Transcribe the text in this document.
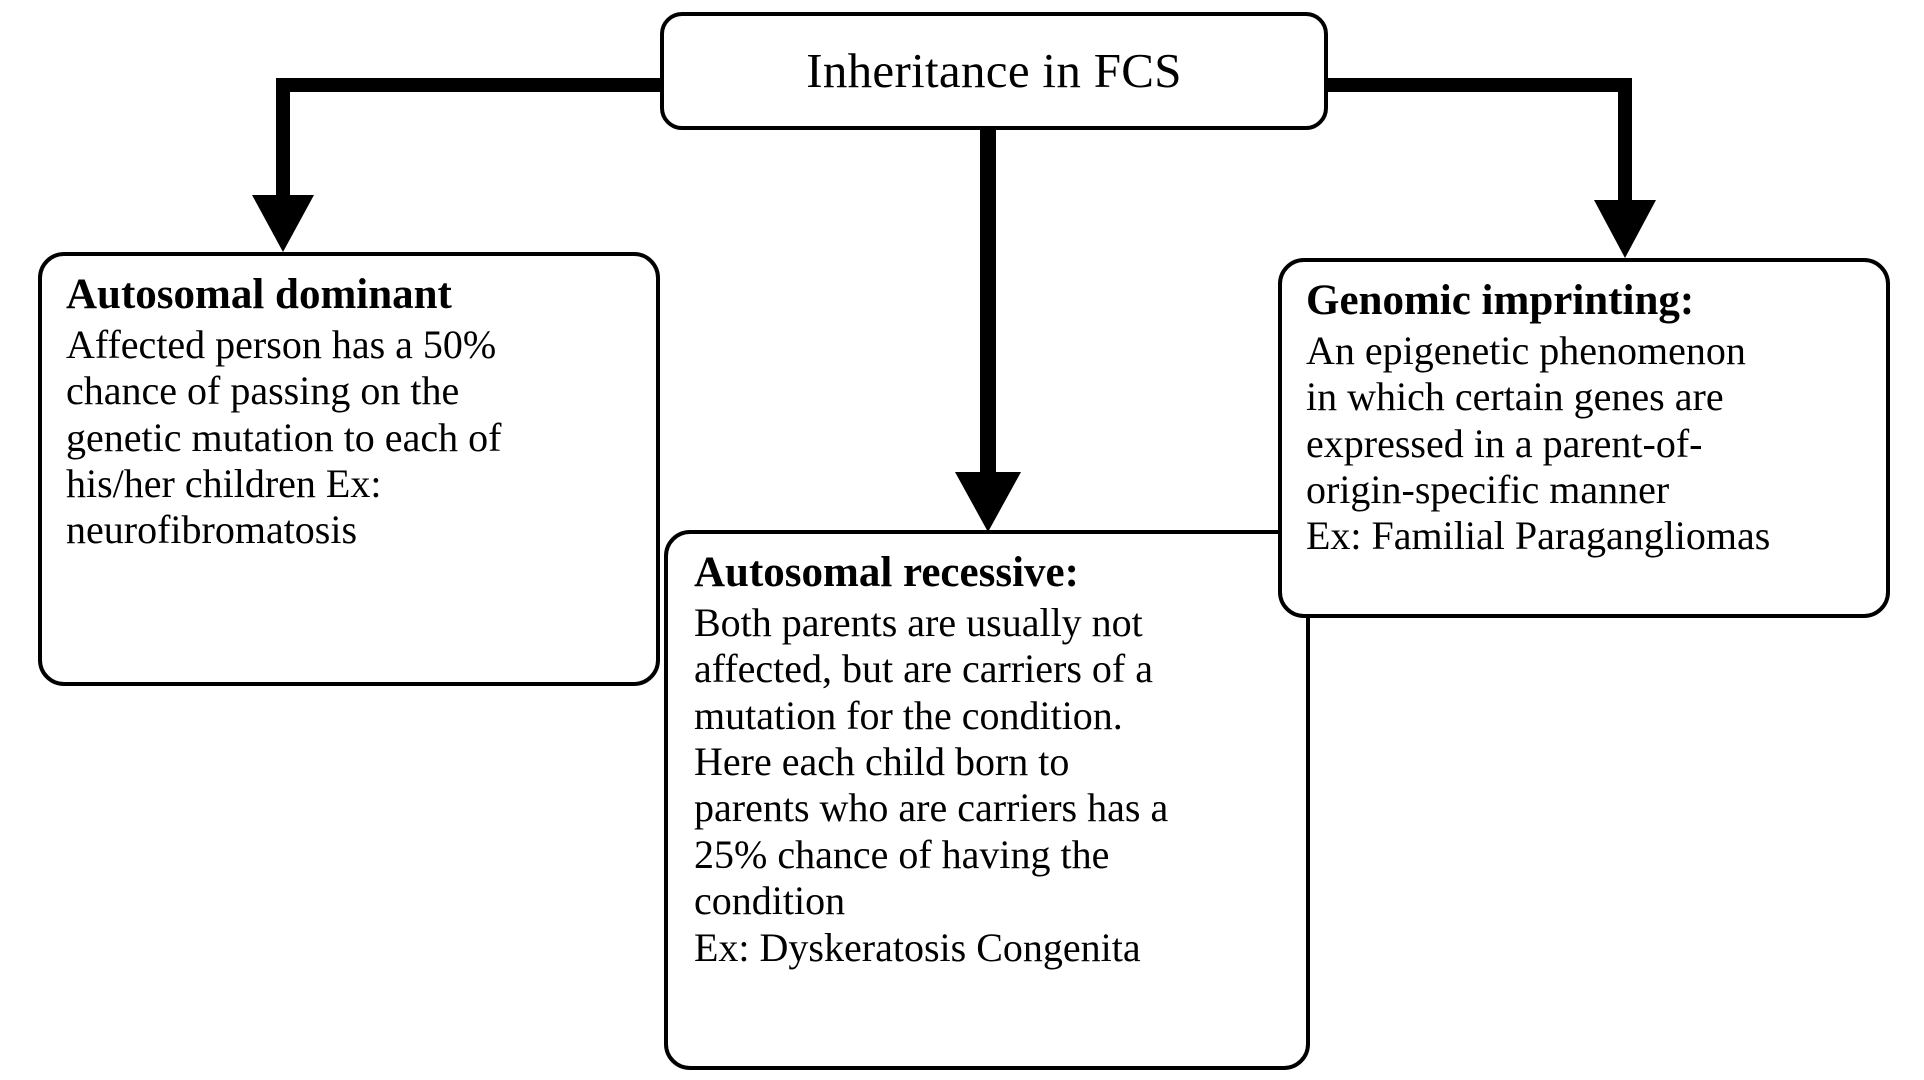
Inheritance in FCS
Autosomal dominant
Affected person has a 50%
chance of passing on the
genetic mutation to each of
his/her children Ex:
neurofibromatosis
Autosomal recessive:
Both parents are usually not
affected, but are carriers of a
mutation for the condition.
Here each child born to
parents who are carriers has a
25% chance of having the
condition
Ex: Dyskeratosis Congenita
Genomic imprinting:
An epigenetic phenomenon
in which certain genes are
expressed in a parent-of-
origin-specific manner
Ex: Familial Paragangliomas
